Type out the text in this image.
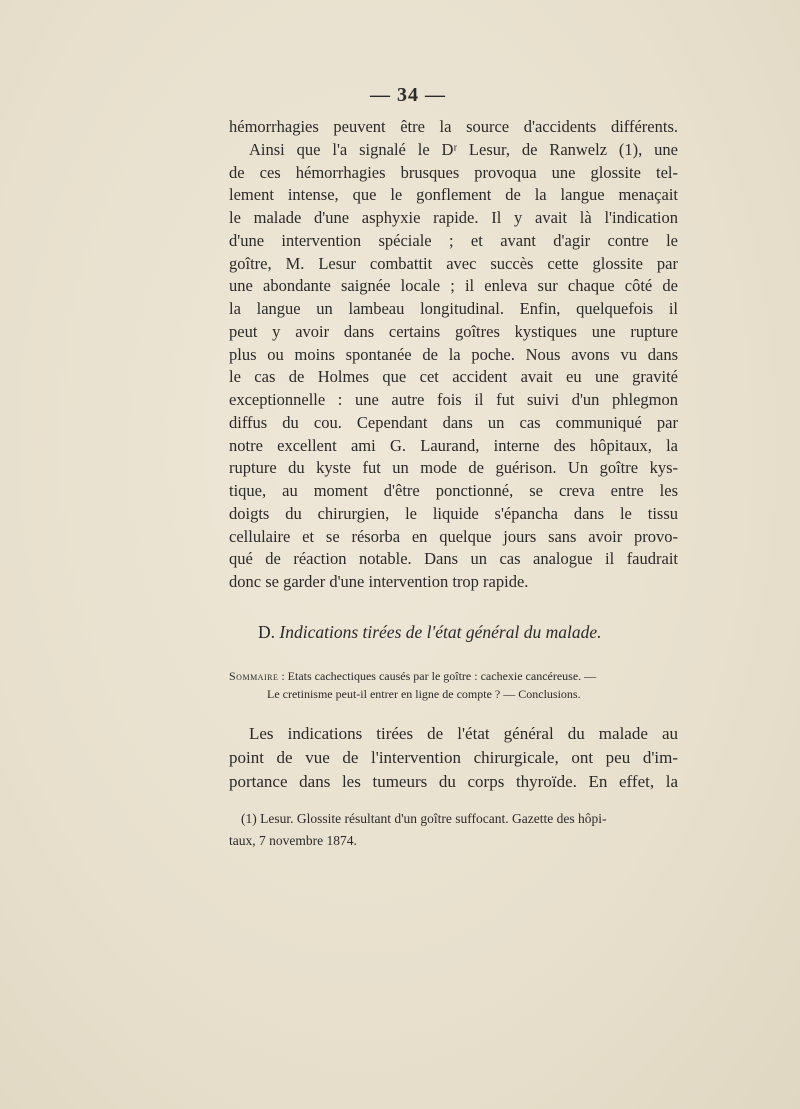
— 34 —
hémorrhagies peuvent être la source d'accidents différents.
Ainsi que l'a signalé le Dʳ Lesur, de Ranwelz (1), une
de ces hémorrhagies brusques provoqua une glossite tel-
lement intense, que le gonflement de la langue menaçait
le malade d'une asphyxie rapide. Il y avait là l'indication
d'une intervention spéciale ; et avant d'agir contre le
goître, M. Lesur combattit avec succès cette glossite par
une abondante saignée locale ; il enleva sur chaque côté de
la langue un lambeau longitudinal. Enfin, quelquefois il
peut y avoir dans certains goîtres kystiques une rupture
plus ou moins spontanée de la poche. Nous avons vu dans
le cas de Holmes que cet accident avait eu une gravité
exceptionnelle : une autre fois il fut suivi d'un phlegmon
diffus du cou. Cependant dans un cas communiqué par
notre excellent ami G. Laurand, interne des hôpitaux, la
rupture du kyste fut un mode de guérison. Un goître kys-
tique, au moment d'être ponctionné, se creva entre les
doigts du chirurgien, le liquide s'épancha dans le tissu
cellulaire et se résorba en quelque jours sans avoir provo-
qué de réaction notable. Dans un cas analogue il faudrait
donc se garder d'une intervention trop rapide.
D. Indications tirées de l'état général du malade.
Sommaire : Etats cachectiques causés par le goître : cachexie cancéreuse. —
Le cretinisme peut-il entrer en ligne de compte ? — Conclusions.
Les indications tirées de l'état général du malade au
point de vue de l'intervention chirurgicale, ont peu d'im-
portance dans les tumeurs du corps thyroïde. En effet, la
(1) Lesur. Glossite résultant d'un goître suffocant. Gazette des hôpi-
taux, 7 novembre 1874.
